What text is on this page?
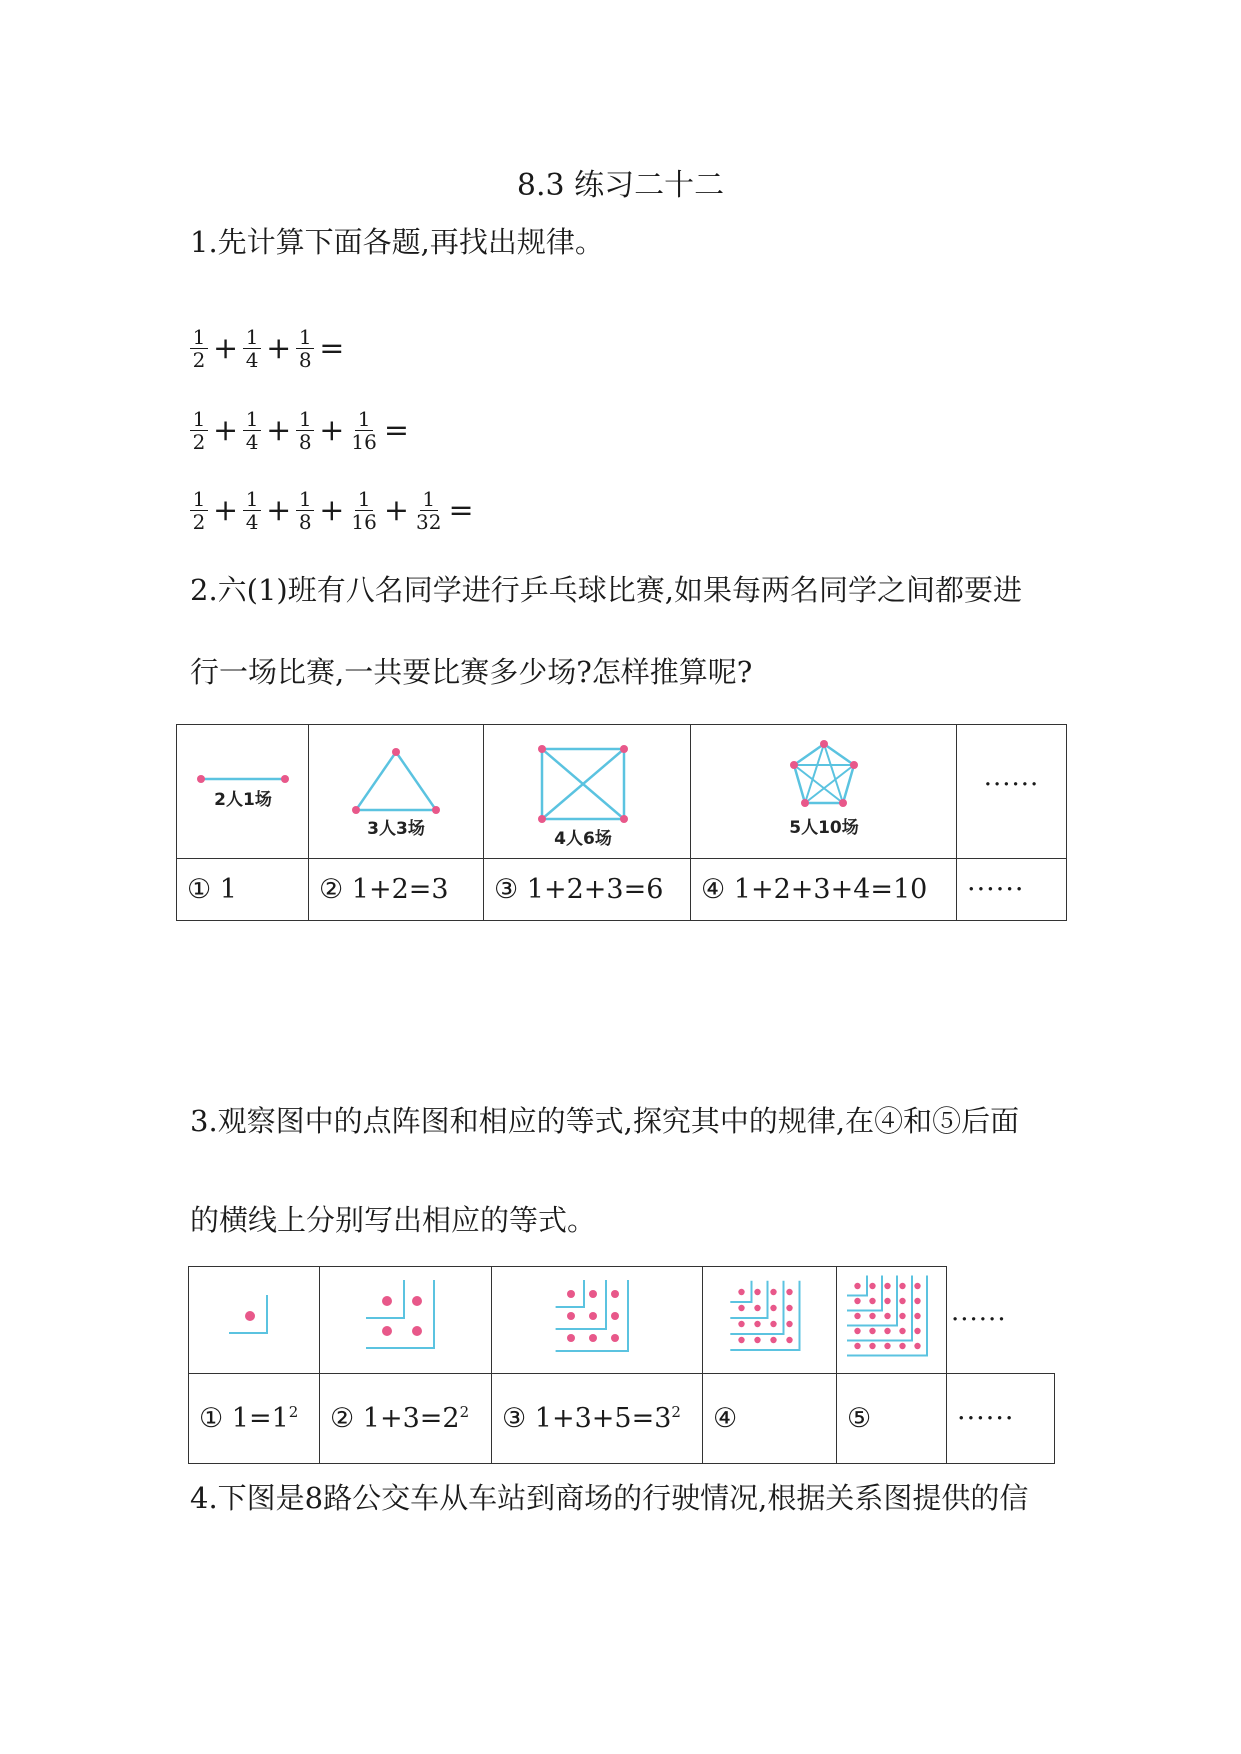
8.3 练习二十二
1.先计算下面各题,再找出规律。
$\frac{1}{2} + \frac{1}{4} + \frac{1}{8}$ =
$\frac{1}{2} + \frac{1}{4} + \frac{1}{8} + \frac{1}{16}$ =
$\frac{1}{2} + \frac{1}{4} + \frac{1}{8} + \frac{1}{16} + \frac{1}{32}$ =
2.六(1)班有八名同学进行乒乓球比赛,如果每两名同学之间都要进
行一场比赛,一共要比赛多少场?怎样推算呢?
2人1场	3人3场	4人6场	5人10场	······

① 1	② 1+2=3	③ 1+2+3=6	④ 1+2+3+4=10	······
3.观察图中的点阵图和相应的等式,探究其中的规律,在④和⑤后面
的横线上分别写出相应的等式。

······

① $1=1^2$	② $1+3=2^2$	③ $1+3+5=3^2$	④	⑤	······
4.下图是8路公交车从车站到商场的行驶情况,根据关系图提供的信
